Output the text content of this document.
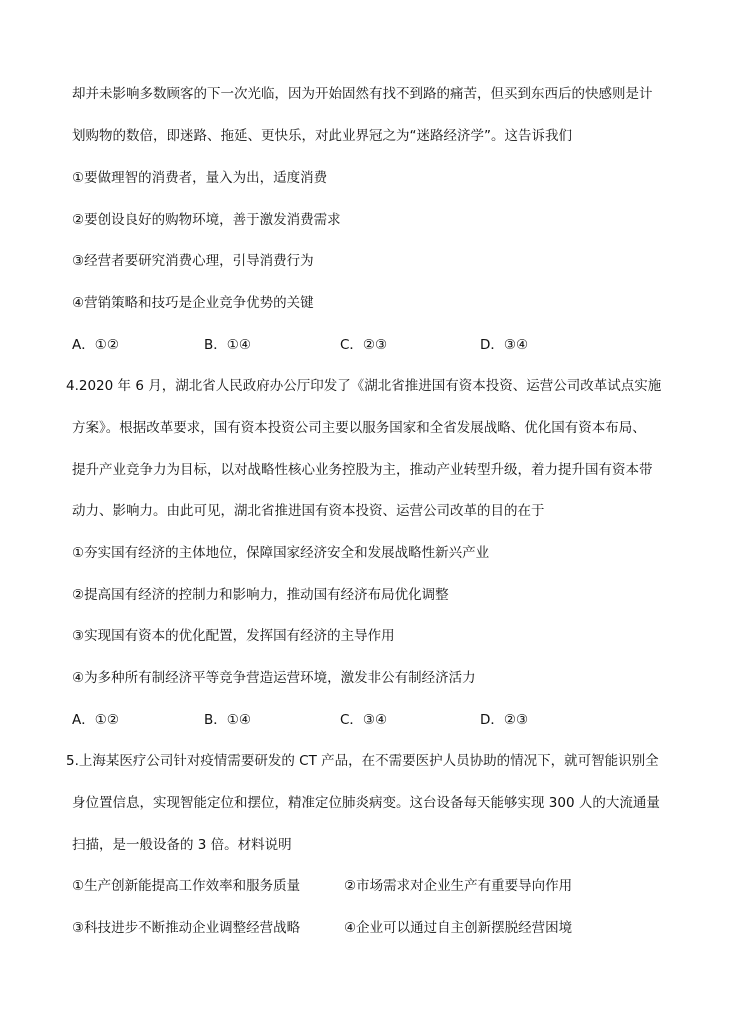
却并未影响多数顾客的下一次光临，因为开始固然有找不到路的痛苦，但买到东西后的快感则是计
划购物的数倍，即迷路、拖延、更快乐，对此业界冠之为“迷路经济学”。这告诉我们
①要做理智的消费者，量入为出，适度消费
②要创设良好的购物环境，善于激发消费需求
③经营者要研究消费心理，引导消费行为
④营销策略和技巧是企业竞争优势的关键
A．①②	B．①④	C．②③	D．③④
4.2020 年 6 月，湖北省人民政府办公厅印发了《湖北省推进国有资本投资、运营公司改革试点实施
方案》。根据改革要求，国有资本投资公司主要以服务国家和全省发展战略、优化国有资本布局、
提升产业竞争力为目标，以对战略性核心业务控股为主，推动产业转型升级，着力提升国有资本带
动力、影响力。由此可见，湖北省推进国有资本投资、运营公司改革的目的在于
①夯实国有经济的主体地位，保障国家经济安全和发展战略性新兴产业
②提高国有经济的控制力和影响力，推动国有经济布局优化调整
③实现国有资本的优化配置，发挥国有经济的主导作用
④为多种所有制经济平等竞争营造运营环境，激发非公有制经济活力
A．①②	B．①④	C．③④	D．②③
5.上海某医疗公司针对疫情需要研发的 CT 产品，在不需要医护人员协助的情况下，就可智能识别全
身位置信息，实现智能定位和摆位，精准定位肺炎病变。这台设备每天能够实现 300 人的大流通量
扫描，是一般设备的 3 倍。材料说明
①生产创新能提高工作效率和服务质量	②市场需求对企业生产有重要导向作用
③科技进步不断推动企业调整经营战略	④企业可以通过自主创新摆脱经营困境
